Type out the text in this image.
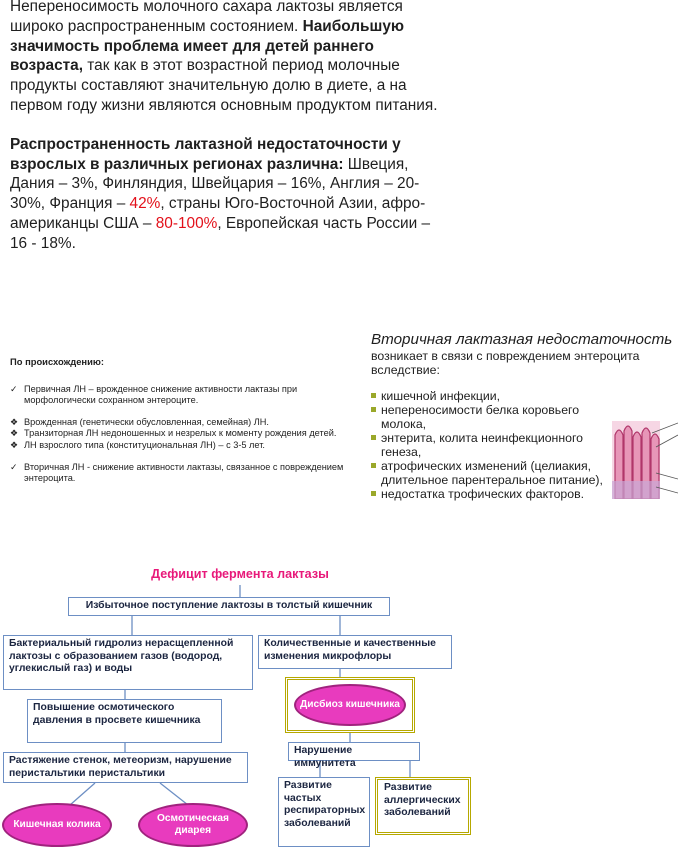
Непереносимость молочного сахара лактозы является широко распространенным состоянием. Наибольшую значимость проблема имеет для детей раннего возраста, так как в этот возрастной период молочные продукты составляют значительную долю в диете, а на первом году жизни являются основным продуктом питания.

Распространенность лактазной недостаточности у взрослых в различных регионах различна: Швеция, Дания – 3%, Финляндия, Швейцария – 16%, Англия – 20-30%, Франция – 42%, страны Юго-Восточной Азии, афро-американцы США – 80-100%, Европейская часть России – 16 - 18%.

По происхождению:
✓ Первичная ЛН – врожденное снижение активности лактазы при морфологически сохранном энтероците.
❖ Врожденная (генетически обусловленная, семейная) ЛН.
❖ Транзиторная ЛН недоношенных и незрелых к моменту рождения детей.
❖ ЛН взрослого типа (конституциональная ЛН) – с 3-5 лет.
✓ Вторичная ЛН - снижение активности лактазы, связанное с повреждением энтероцита.
Вторичная лактазная недостаточность
возникает в связи с повреждением энтероцита вследствие:
кишечной инфекции,
непереносимости белка коровьего молока,
энтерита, колита неинфекционного генеза,
атрофических изменений (целиакия, длительное парентеральное питание),
недостатка трофических факторов.
Дефицит фермента лактазы
Избыточное поступление лактозы в толстый кишечник
Бактериальный гидролиз нерасщепленной лактозы с образованием газов (водород, углекислый газ) и воды
Количественные и качественные изменения микрофлоры
Повышение осмотического давления в просвете кишечника
Дисбиоз кишечника
Нарушение иммунитета
Растяжение стенок, метеоризм, нарушение перистальтики перистальтики
Развитие частых респираторных заболеваний
Развитие аллергических заболеваний
Кишечная колика
Осмотическая диарея
